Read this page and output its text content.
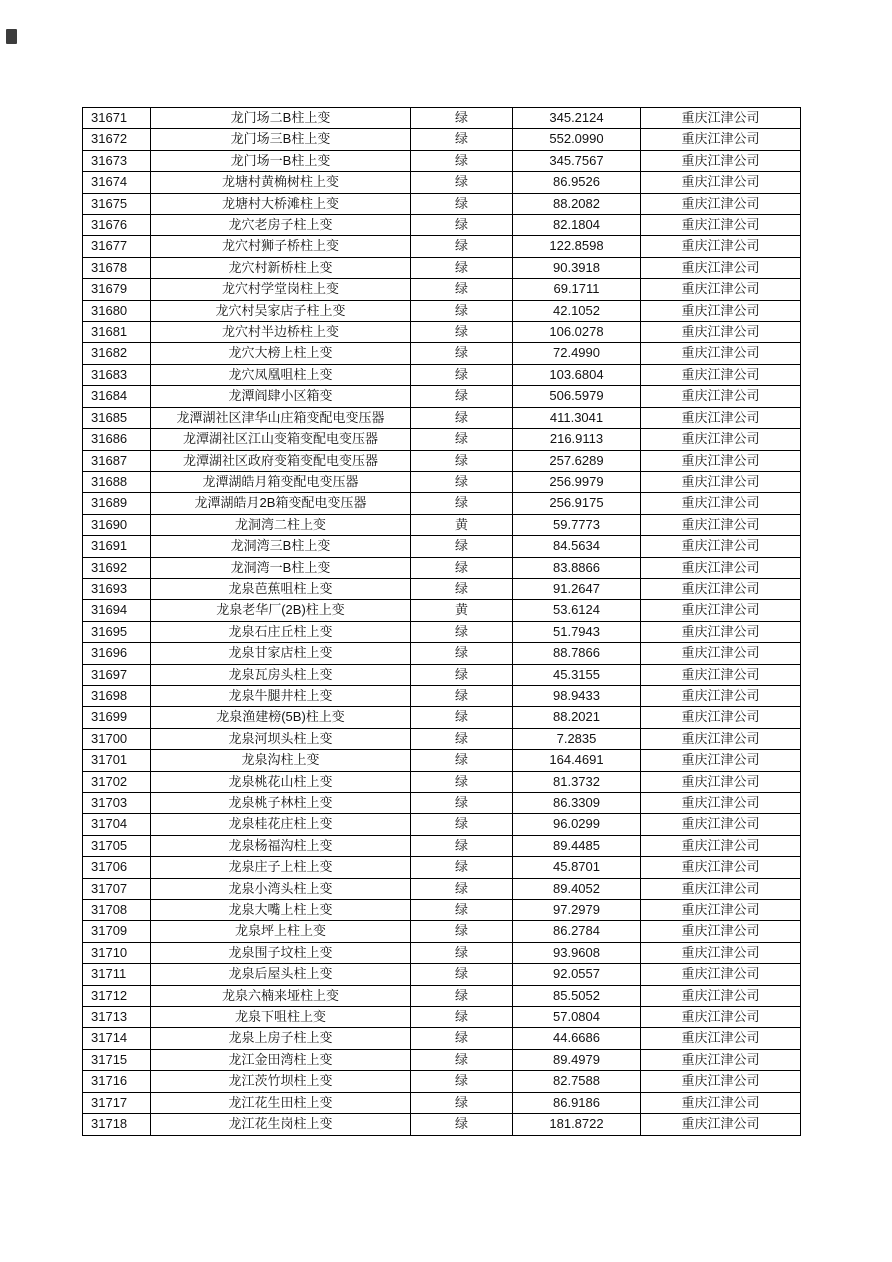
31671	龙门场二B柱上变	绿	345.2124	重庆江津公司
31672	龙门场三B柱上变	绿	552.0990	重庆江津公司
31673	龙门场一B柱上变	绿	345.7567	重庆江津公司
31674	龙塘村黄桷树柱上变	绿	86.9526	重庆江津公司
31675	龙塘村大桥滩柱上变	绿	88.2082	重庆江津公司
31676	龙穴老房子柱上变	绿	82.1804	重庆江津公司
31677	龙穴村狮子桥柱上变	绿	122.8598	重庆江津公司
31678	龙穴村新桥柱上变	绿	90.3918	重庆江津公司
31679	龙穴村学堂岗柱上变	绿	69.1711	重庆江津公司
31680	龙穴村吴家店子柱上变	绿	42.1052	重庆江津公司
31681	龙穴村半边桥柱上变	绿	106.0278	重庆江津公司
31682	龙穴大榜上柱上变	绿	72.4990	重庆江津公司
31683	龙穴凤凰咀柱上变	绿	103.6804	重庆江津公司
31684	龙潭阎肆小区箱变	绿	506.5979	重庆江津公司
31685	龙潭湖社区津华山庄箱变配电变压器	绿	411.3041	重庆江津公司
31686	龙潭湖社区江山变箱变配电变压器	绿	216.9113	重庆江津公司
31687	龙潭湖社区政府变箱变配电变压器	绿	257.6289	重庆江津公司
31688	龙潭湖皓月箱变配电变压器	绿	256.9979	重庆江津公司
31689	龙潭湖皓月2B箱变配电变压器	绿	256.9175	重庆江津公司
31690	龙洞湾二柱上变	黄	59.7773	重庆江津公司
31691	龙洞湾三B柱上变	绿	84.5634	重庆江津公司
31692	龙洞湾一B柱上变	绿	83.8866	重庆江津公司
31693	龙泉芭蕉咀柱上变	绿	91.2647	重庆江津公司
31694	龙泉老华厂(2B)柱上变	黄	53.6124	重庆江津公司
31695	龙泉石庄丘柱上变	绿	51.7943	重庆江津公司
31696	龙泉甘家店柱上变	绿	88.7866	重庆江津公司
31697	龙泉瓦房头柱上变	绿	45.3155	重庆江津公司
31698	龙泉牛腿井柱上变	绿	98.9433	重庆江津公司
31699	龙泉渔建榜(5B)柱上变	绿	88.2021	重庆江津公司
31700	龙泉河坝头柱上变	绿	7.2835	重庆江津公司
31701	龙泉沟柱上变	绿	164.4691	重庆江津公司
31702	龙泉桃花山柱上变	绿	81.3732	重庆江津公司
31703	龙泉桃子林柱上变	绿	86.3309	重庆江津公司
31704	龙泉桂花庄柱上变	绿	96.0299	重庆江津公司
31705	龙泉杨福沟柱上变	绿	89.4485	重庆江津公司
31706	龙泉庄子上柱上变	绿	45.8701	重庆江津公司
31707	龙泉小湾头柱上变	绿	89.4052	重庆江津公司
31708	龙泉大嘴上柱上变	绿	97.2979	重庆江津公司
31709	龙泉坪上柱上变	绿	86.2784	重庆江津公司
31710	龙泉围子坟柱上变	绿	93.9608	重庆江津公司
31711	龙泉后屋头柱上变	绿	92.0557	重庆江津公司
31712	龙泉六楠来垭柱上变	绿	85.5052	重庆江津公司
31713	龙泉下咀柱上变	绿	57.0804	重庆江津公司
31714	龙泉上房子柱上变	绿	44.6686	重庆江津公司
31715	龙江金田湾柱上变	绿	89.4979	重庆江津公司
31716	龙江茨竹坝柱上变	绿	82.7588	重庆江津公司
31717	龙江花生田柱上变	绿	86.9186	重庆江津公司
31718	龙江花生岗柱上变	绿	181.8722	重庆江津公司
